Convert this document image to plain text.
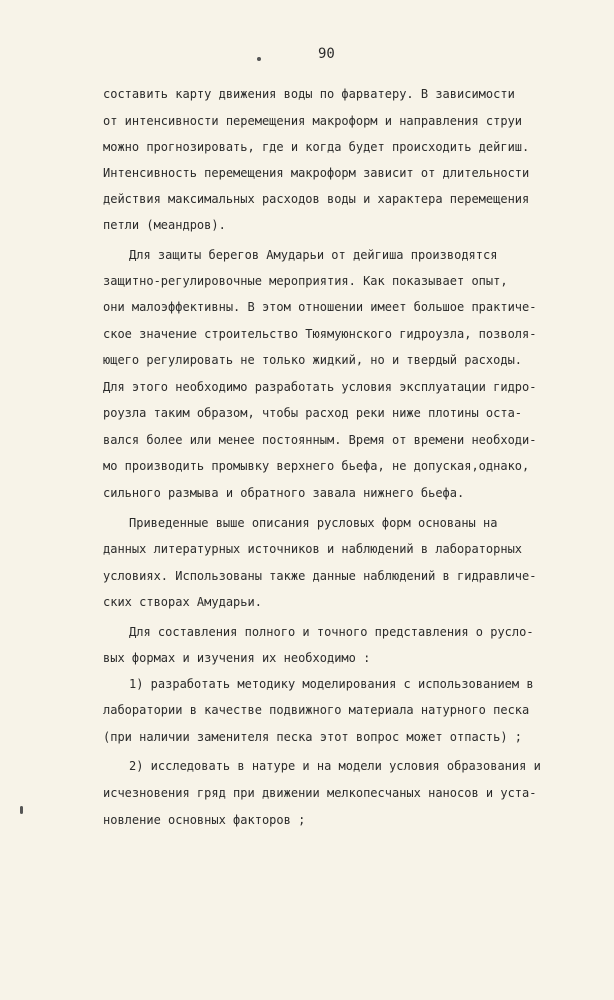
90
составить карту движения воды по фарватеру. В зависимости
от интенсивности перемещения макроформ и направления струи
можно прогнозировать, где и когда будет происходить дейгиш.
Интенсивность перемещения макроформ зависит от длительности
действия максимальных расходов воды и характера перемещения
петли (меандров).
Для защиты берегов Амударьи от дейгиша производятся
защитно-регулировочные мероприятия. Как показывает опыт,
они малоэффективны. В этом отношении имеет большое практиче-
ское значение строительство Тюямуюнского гидроузла, позволя-
ющего регулировать не только жидкий, но и твердый расходы.
Для этого необходимо разработать условия эксплуатации гидро-
роузла таким образом, чтобы расход реки ниже плотины оста-
вался более или менее постоянным. Время от времени необходи-
мо производить промывку верхнего бьефа, не допуская,однако,
сильного размыва и обратного завала нижнего бьефа.
Приведенные выше описания русловых форм основаны на
данных литературных источников и наблюдений в лабораторных
условиях. Использованы также данные наблюдений в гидравличе-
ских створах Амударьи.
Для составления полного и точного представления о русло-
вых формах и изучения их необходимо :
1) разработать методику моделирования с использованием в
лаборатории в качестве подвижного материала натурного песка
(при наличии заменителя песка этот вопрос может отпасть) ;
2) исследовать в натуре и на модели условия образования и
исчезновения гряд при движении мелкопесчаных наносов и уста-
новление основных факторов ;
